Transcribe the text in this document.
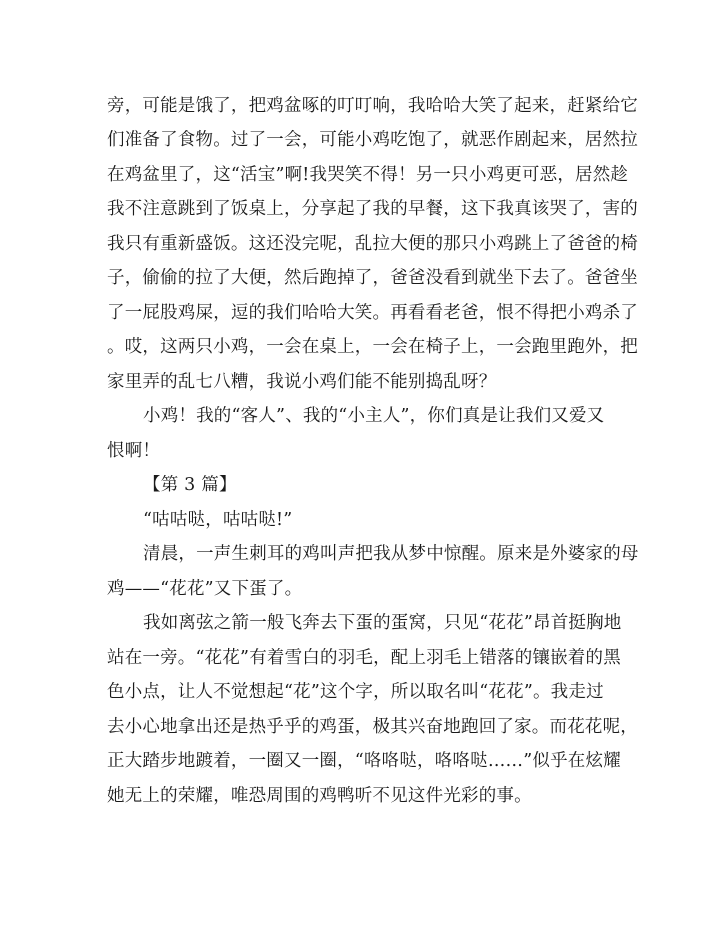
旁，可能是饿了，把鸡盆啄的叮叮响，我哈哈大笑了起来，赶紧给它
们准备了食物。过了一会，可能小鸡吃饱了，就恶作剧起来，居然拉
在鸡盆里了，这“活宝”啊!我哭笑不得！另一只小鸡更可恶，居然趁
我不注意跳到了饭桌上，分享起了我的早餐，这下我真该哭了，害的
我只有重新盛饭。这还没完呢，乱拉大便的那只小鸡跳上了爸爸的椅
子，偷偷的拉了大便，然后跑掉了，爸爸没看到就坐下去了。爸爸坐
了一屁股鸡屎，逗的我们哈哈大笑。再看看老爸，恨不得把小鸡杀了
。哎，这两只小鸡，一会在桌上，一会在椅子上，一会跑里跑外，把
家里弄的乱七八糟，我说小鸡们能不能别捣乱呀？
小鸡！我的“客人”、我的“小主人”，你们真是让我们又爱又
恨啊！
【第 3 篇】
“咕咕哒，咕咕哒!”
清晨，一声生刺耳的鸡叫声把我从梦中惊醒。原来是外婆家的母
鸡——“花花”又下蛋了。
我如离弦之箭一般飞奔去下蛋的蛋窝，只见“花花”昂首挺胸地
站在一旁。“花花”有着雪白的羽毛，配上羽毛上错落的镶嵌着的黑
色小点，让人不觉想起“花”这个字，所以取名叫“花花”。我走过
去小心地拿出还是热乎乎的鸡蛋，极其兴奋地跑回了家。而花花呢，
正大踏步地踱着，一圈又一圈，“咯咯哒，咯咯哒……”似乎在炫耀
她无上的荣耀，唯恐周围的鸡鸭听不见这件光彩的事。
